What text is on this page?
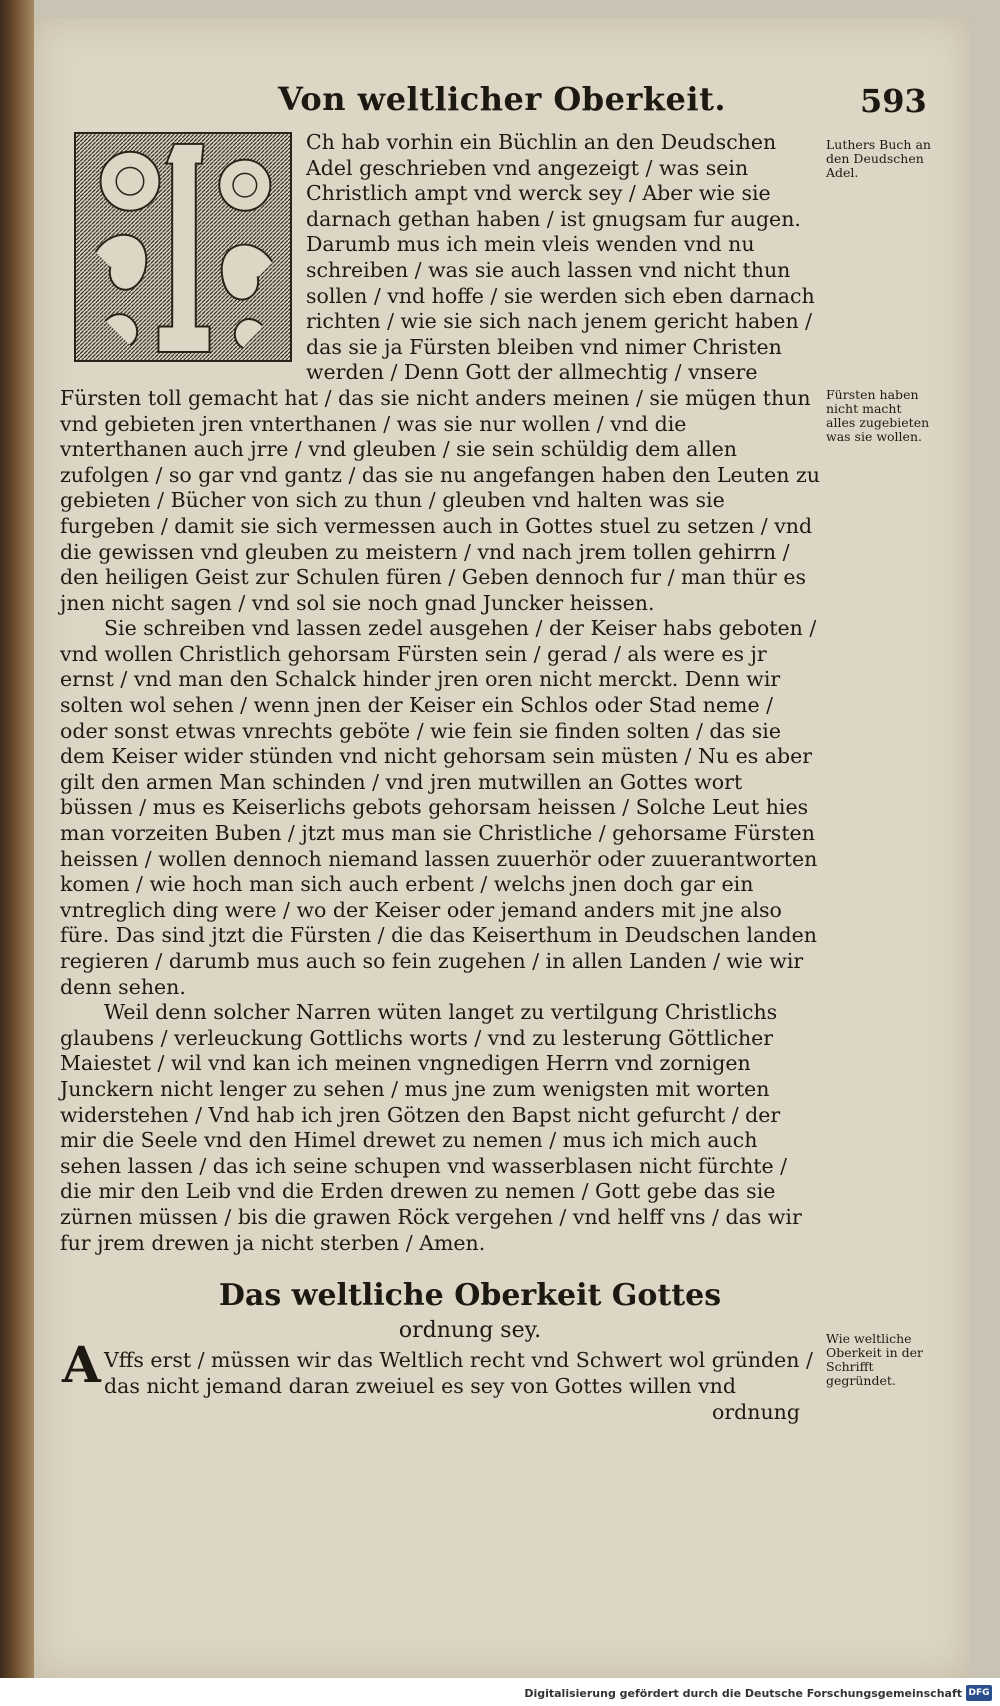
Von weltlicher Oberkeit.	593

Ch hab vorhin ein Büchlin an den Deudschen Adel geschrieben vnd angezeigt / was sein Christlich ampt vnd werck sey / Aber wie sie darnach gethan haben / ist gnugsam fur augen. Darumb mus ich mein vleis wenden vnd nu schreiben / was sie auch lassen vnd nicht thun sollen / vnd hoffe / sie werden sich eben darnach richten / wie sie sich nach jenem gericht haben / das sie ja Fürsten bleiben vnd nimer Christen werden / Denn Gott der allmechtig / vnsere Fürsten toll gemacht hat / das sie nicht anders meinen / sie mügen thun vnd gebieten jren vnterthanen / was sie nur wollen / vnd die vnterthanen auch jrre / vnd gleuben / sie sein schüldig dem allen zufolgen / so gar vnd gantz / das sie nu angefangen haben den Leuten zu gebieten / Bücher von sich zu thun / gleuben vnd halten was sie furgeben / damit sie sich vermessen auch in Gottes stuel zu setzen / vnd die gewissen vnd gleuben zu meistern / vnd nach jrem tollen gehirrn / den heiligen Geist zur Schulen füren / Geben dennoch fur / man thür es jnen nicht sagen / vnd sol sie noch gnad Juncker heissen.

Sie schreiben vnd lassen zedel ausgehen / der Keiser habs geboten / vnd wollen Christlich gehorsam Fürsten sein / gerad / als were es jr ernst / vnd man den Schalck hinder jren oren nicht merckt. Denn wir solten wol sehen / wenn jnen der Keiser ein Schlos oder Stad neme / oder sonst etwas vnrechts geböte / wie fein sie finden solten / das sie dem Keiser wider stünden vnd nicht gehorsam sein müsten / Nu es aber gilt den armen Man schinden / vnd jren mutwillen an Gottes wort büssen / mus es Keiserlichs gebots gehorsam heissen / Solche Leut hies man vorzeiten Buben / jtzt mus man sie Christliche / gehorsame Fürsten heissen / wollen dennoch niemand lassen zuuerhör oder zuuerantworten komen / wie hoch man sich auch erbent / welchs jnen doch gar ein vntreglich ding were / wo der Keiser oder jemand anders mit jne also füre. Das sind jtzt die Fürsten / die das Keiserthum in Deudschen landen regieren / darumb mus auch so fein zugehen / in allen Landen / wie wir denn sehen.

Weil denn solcher Narren wüten langet zu vertilgung Christlichs glaubens / verleuckung Gottlichs worts / vnd zu lesterung Göttlicher Maiestet / wil vnd kan ich meinen vngnedigen Herrn vnd zornigen Junckern nicht lenger zu sehen / mus jne zum wenigsten mit worten widerstehen / Vnd hab ich jren Götzen den Bapst nicht gefurcht / der mir die Seele vnd den Himel drewet zu nemen / mus ich mich auch sehen lassen / das ich seine schupen vnd wasserblasen nicht fürchte / die mir den Leib vnd die Erden drewen zu nemen / Gott gebe das sie zürnen müssen / bis die grawen Röck vergehen / vnd helff vns / das wir fur jrem drewen ja nicht sterben / Amen.

Luthers Buch an den Deudschen Adel.
Fürsten haben nicht macht alles zugebieten was sie wollen.
Wie weltliche Oberkeit in der Schrifft gegründet.
Das weltliche Oberkeit Gottes
ordnung sey.
A Vffs erst / müssen wir das Weltlich recht vnd Schwert wol gründen / das nicht jemand daran zweiuel es sey von Gottes willen vnd

ordnung
Digitalisierung gefördert durch die Deutsche Forschungsgemeinschaft DFG
